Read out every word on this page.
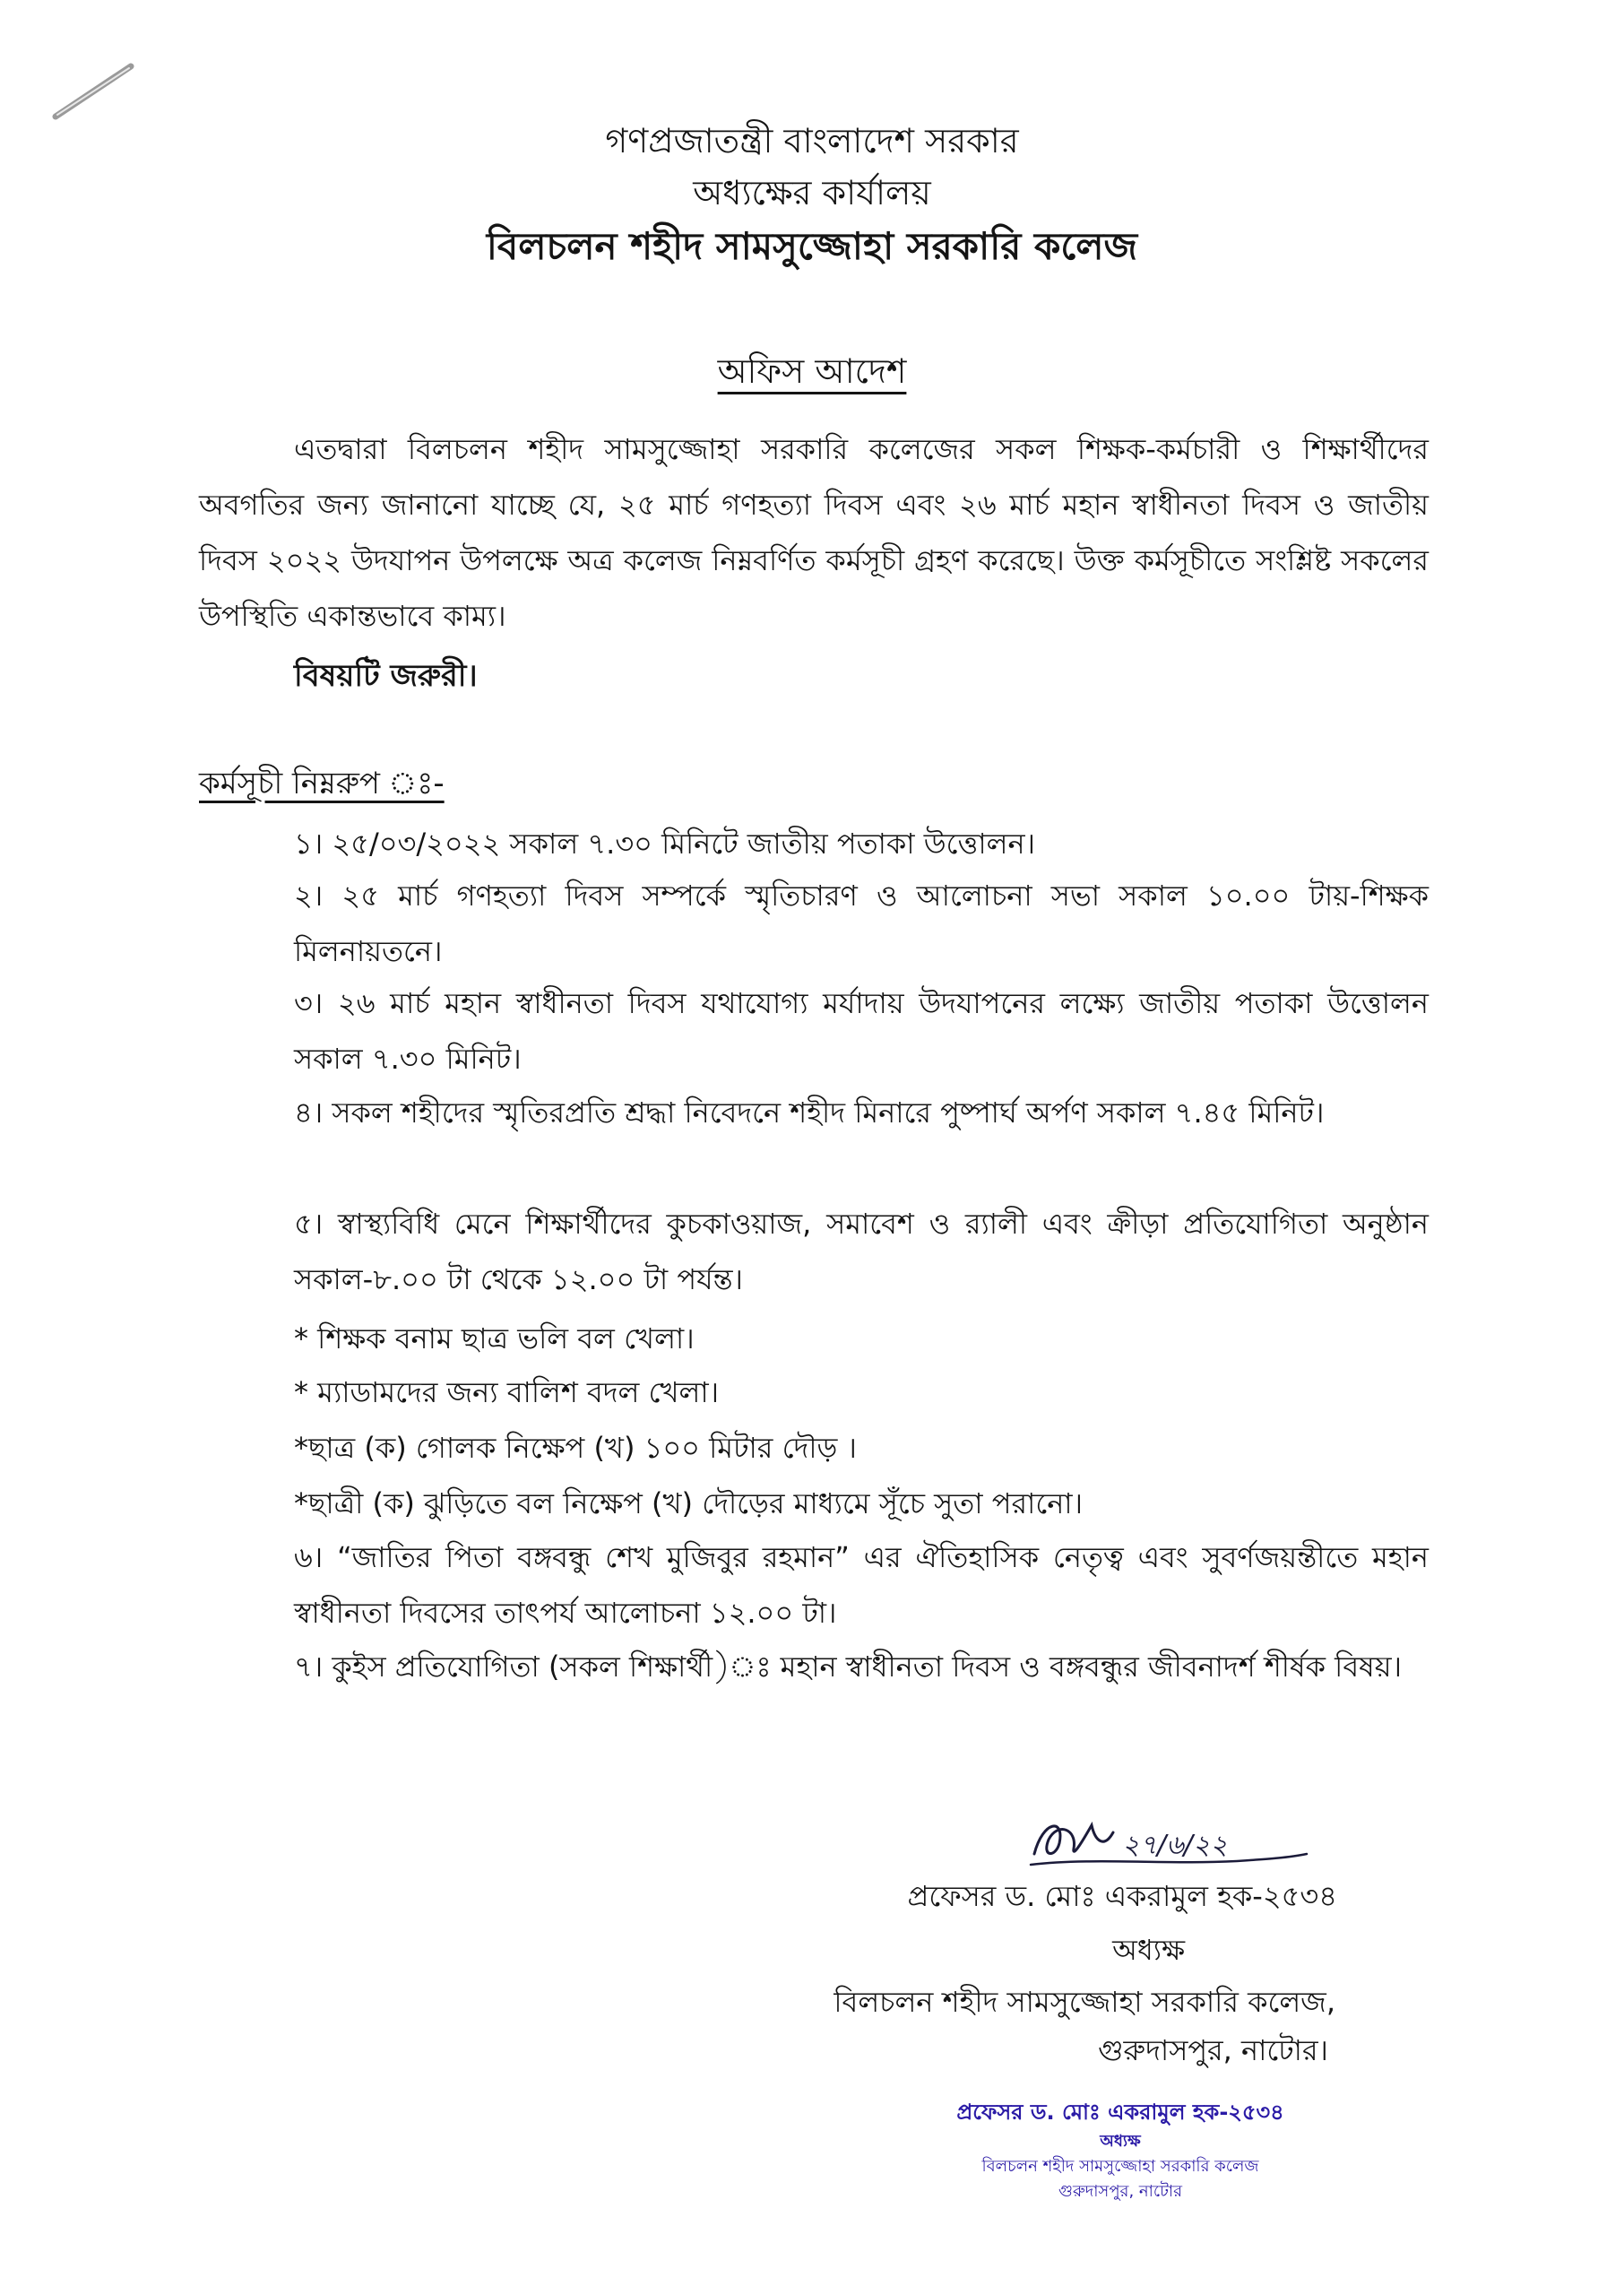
গণপ্রজাতন্ত্রী বাংলাদেশ সরকার
অধ্যক্ষের কার্যালয়
বিলচলন শহীদ সামসুজ্জোহা সরকারি কলেজ
অফিস আদেশ
এতদ্বারা বিলচলন শহীদ সামসুজ্জোহা সরকারি কলেজের সকল শিক্ষক-কর্মচারী ও শিক্ষার্থীদের অবগতির জন্য জানানো যাচ্ছে যে, ২৫ মার্চ গণহত্যা দিবস এবং ২৬ মার্চ মহান স্বাধীনতা দিবস ও জাতীয় দিবস ২০২২ উদযাপন উপলক্ষে অত্র কলেজ নিম্নবর্ণিত কর্মসূচী গ্রহণ করেছে। উক্ত কর্মসূচীতে সংশ্লিষ্ট সকলের উপস্থিতি একান্তভাবে কাম্য।
বিষয়টি জরুরী।
কর্মসূচী নিম্নরুপ ঃ-
১। ২৫/০৩/২০২২ সকাল ৭.৩০ মিনিটে জাতীয় পতাকা উত্তোলন।
২। ২৫ মার্চ গণহত্যা দিবস সম্পর্কে স্মৃতিচারণ ও আলোচনা সভা সকাল ১০.০০ টায়-শিক্ষক মিলনায়তনে।
৩। ২৬ মার্চ মহান স্বাধীনতা দিবস যথাযোগ্য মর্যাদায় উদযাপনের লক্ষ্যে জাতীয় পতাকা উত্তোলন সকাল ৭.৩০ মিনিট।
৪। সকল শহীদের স্মৃতিরপ্রতি শ্রদ্ধা নিবেদনে শহীদ মিনারে পুষ্পার্ঘ অর্পণ সকাল ৭.৪৫ মিনিট।
৫। স্বাস্থ্যবিধি মেনে শিক্ষার্থীদের কুচকাওয়াজ, সমাবেশ ও র‍্যালী এবং ক্রীড়া প্রতিযোগিতা অনুষ্ঠান সকাল-৮.০০ টা থেকে ১২.০০ টা পর্যন্ত।
* শিক্ষক বনাম ছাত্র ভলি বল খেলা।
* ম্যাডামদের জন্য বালিশ বদল খেলা।
*ছাত্র (ক) গোলক নিক্ষেপ (খ) ১০০ মিটার দৌড় ।
*ছাত্রী (ক) ঝুড়িতে বল নিক্ষেপ (খ) দৌড়ের মাধ্যমে সূঁচে সুতা পরানো।
৬। “জাতির পিতা বঙ্গবন্ধু শেখ মুজিবুর রহমান” এর ঐতিহাসিক নেতৃত্ব এবং সুবর্ণজয়ন্তীতে মহান স্বাধীনতা দিবসের তাৎপর্য আলোচনা ১২.০০ টা।
৭। কুইস প্রতিযোগিতা (সকল শিক্ষার্থী)ঃ মহান স্বাধীনতা দিবস ও বঙ্গবন্ধুর জীবনাদর্শ শীর্ষক বিষয়।
২৭/৬/২২
প্রফেসর ড. মোঃ একরামুল হক-২৫৩৪
অধ্যক্ষ
বিলচলন শহীদ সামসুজ্জোহা সরকারি কলেজ,
গুরুদাসপুর, নাটোর।
প্রফেসর ড. মোঃ একরামুল হক-২৫৩৪
অধ্যক্ষ
বিলচলন শহীদ সামসুজ্জোহা সরকারি কলেজ
গুরুদাসপুর, নাটোর
